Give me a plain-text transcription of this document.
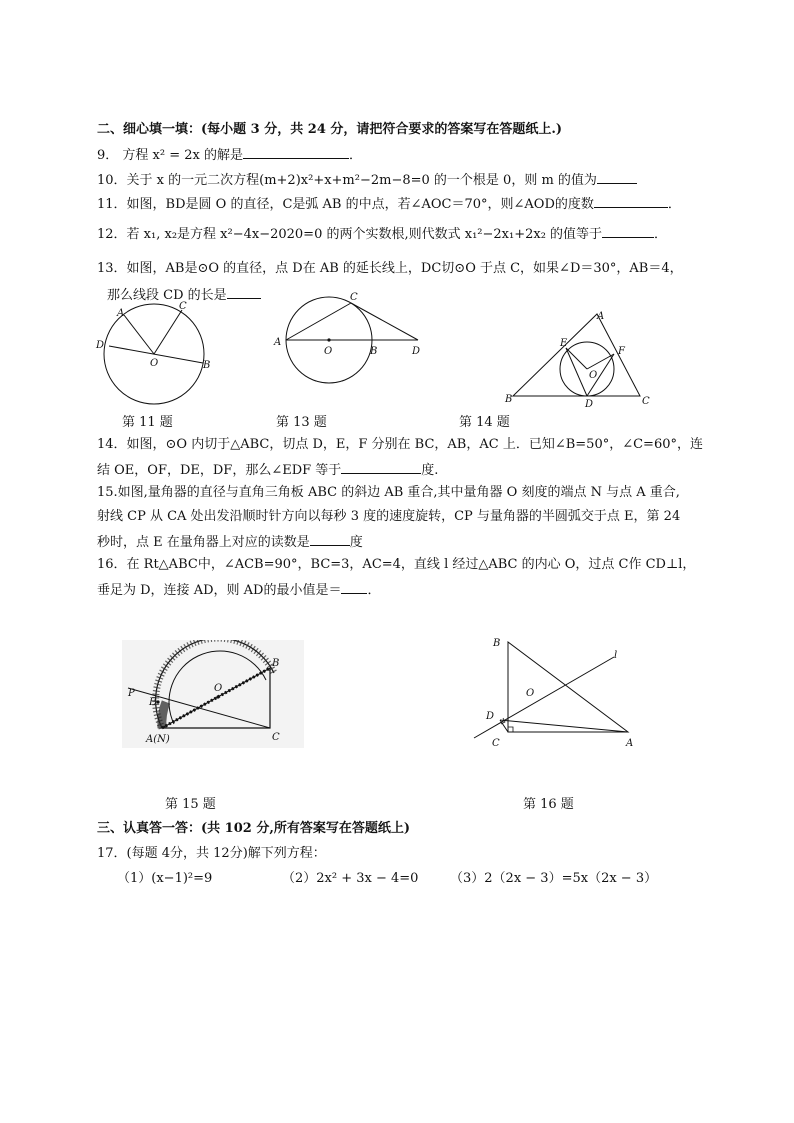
二、细心填一填：(每小题 3 分，共 24 分，请把符合要求的答案写在答题纸上.)
9． 方程 x² = 2x 的解是	．
10．关于 x 的一元二次方程(m+2)x²+x+m²−2m−8=0 的一个根是 0，则 m 的值为
11．如图，BD是圆 O 的直径，C是弧 AB 的中点，若∠AOC＝70°，则∠AOD的度数	．
12．若 x₁, x₂是方程 x²−4x−2020=0 的两个实数根,则代数式 x₁²−2x₁+2x₂ 的值等于	．
13．如图，AB是⊙O 的直径，点 D在 AB 的延长线上，DC切⊙O 于点 C，如果∠D＝30°，AB＝4，
那么线段 CD 的长是
A
C
D
O	B
C
A
O	B	D
A
E
F
O
B	D	C
第 11 题	第 13 题	第 14 题
14．如图，⊙O 内切于△ABC，切点 D，E，F 分别在 BC，AB，AC 上．已知∠B=50°，∠C=60°，连
结 OE，OF，DE，DF，那么∠EDF 等于	度.
15.如图,量角器的直径与直角三角板 ABC 的斜边 AB 重合,其中量角器 O 刻度的端点 N 与点 A 重合,
射线 CP 从 CA 处出发沿顺时针方向以每秒 3 度的速度旋转，CP 与量角器的半圆弧交于点 E，第 24
秒时，点 E 在量角器上对应的读数是	度
16．在 Rt△ABC中，∠ACB=90°，BC=3，AC=4，直线 l 经过△ABC 的内心 O，过点 C作 CD⊥l，
垂足为 D，连接 AD，则 AD的最小值是＝ ．
B
O
P
E
A(N)	C
B
l
O
D
C	A
第 15 题	第 16 题
三、认真答一答：(共 102 分,所有答案写在答题纸上)
17．(每题 4分，共 12分)解下列方程：
（1）(x−1)²=9	（2）2x² + 3x − 4=0 （3）2（2x − 3）=5x（2x − 3）
